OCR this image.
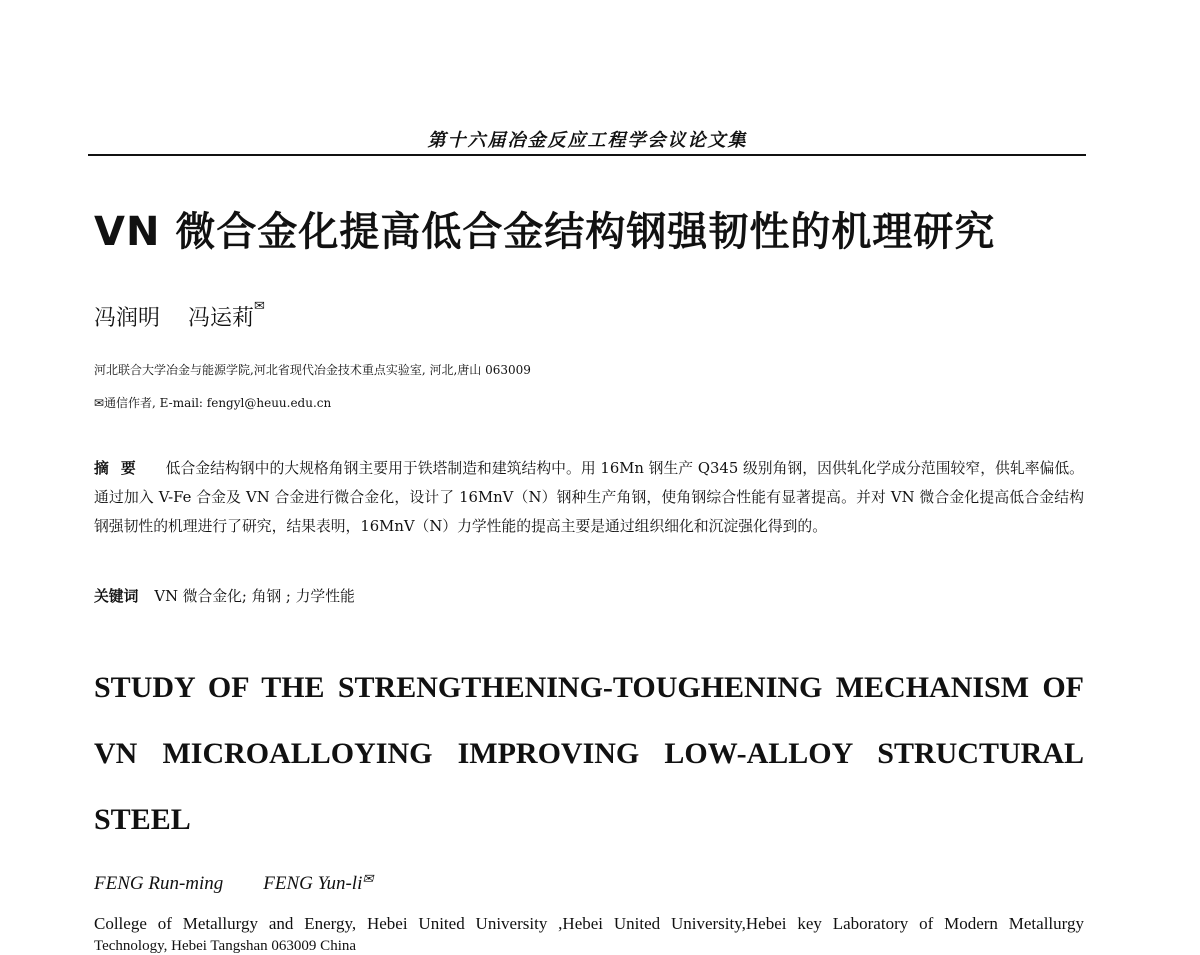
第十六届冶金反应工程学会议论文集
VN 微合金化提高低合金结构钢强韧性的机理研究
冯润明 冯运莉✉
河北联合大学冶金与能源学院,河北省现代冶金技术重点实验室, 河北,唐山 063009
✉通信作者, E-mail: fengyl@heuu.edu.cn
摘要 低合金结构钢中的大规格角钢主要用于铁塔制造和建筑结构中。用 16Mn 钢生产 Q345 级别角钢，因供轧化学成分范围较窄，供轧率偏低。通过加入 V-Fe 合金及 VN 合金进行微合金化，设计了 16MnV（N）钢种生产角钢，使角钢综合性能有显著提高。并对 VN 微合金化提高低合金结构钢强韧性的机理进行了研究，结果表明，16MnV（N）力学性能的提高主要是通过组织细化和沉淀强化得到的。
关键词 VN 微合金化; 角钢 ; 力学性能
STUDY OF THE STRENGTHENING-TOUGHENING MECHANISM OF
VN MICROALLOYING IMPROVING LOW-ALLOY STRUCTURAL
STEEL
FENG Run-ming FENG Yun-li✉
College of Metallurgy and Energy, Hebei United University ,Hebei United University,Hebei key Laboratory of Modern Metallurgy
Technology, Hebei Tangshan 063009 China
